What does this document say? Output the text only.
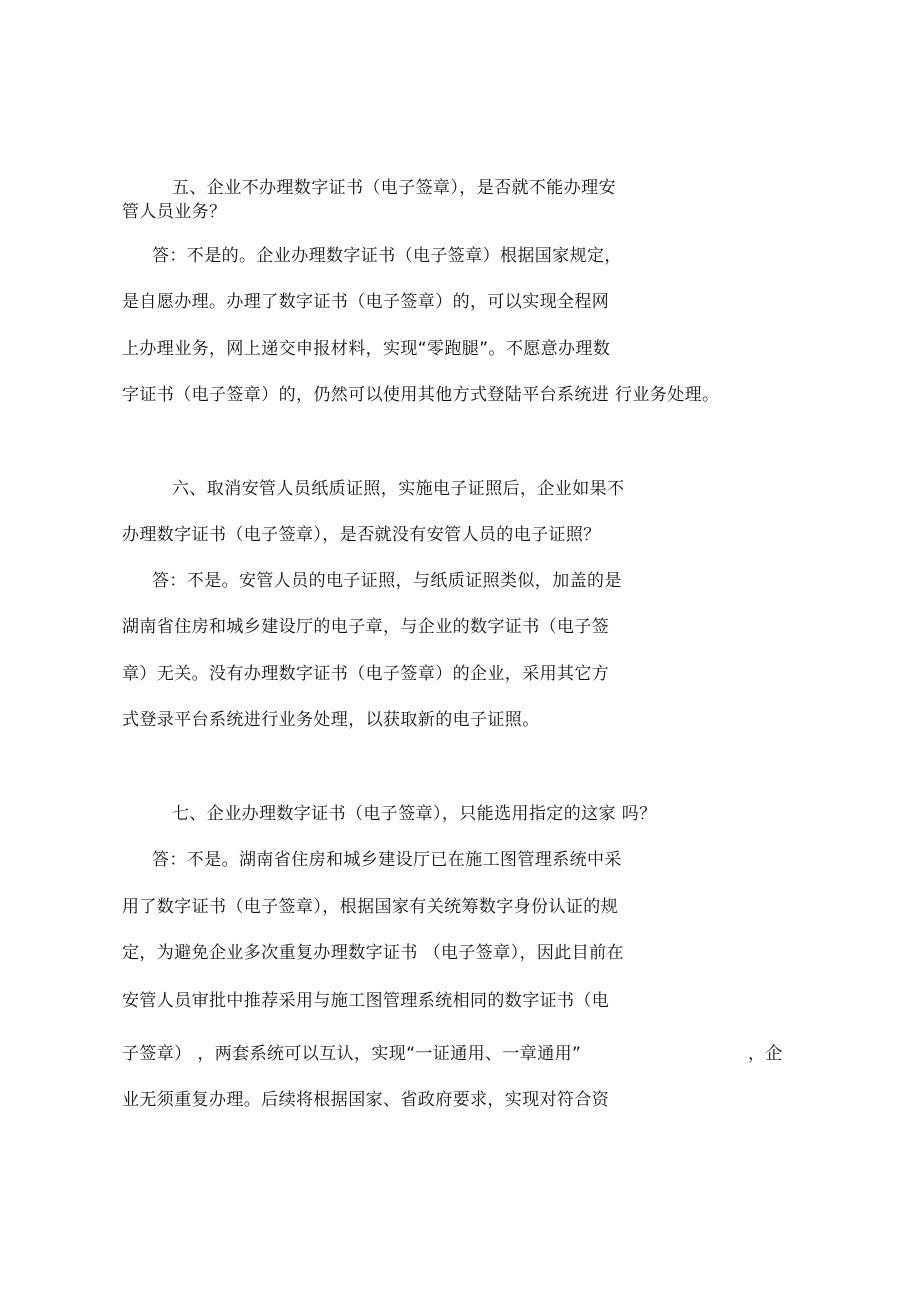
五、企业不办理数字证书（电子签章），是否就不能办理安
管人员业务？
答：不是的。企业办理数字证书（电子签章）根据国家规定，
是自愿办理。办理了数字证书（电子签章）的，可以实现全程网
上办理业务，网上递交申报材料，实现“零跑腿”。不愿意办理数
字证书（电子签章）的，仍然可以使用其他方式登陆平台系统进 行业务处理。
六、取消安管人员纸质证照，实施电子证照后，企业如果不
办理数字证书（电子签章），是否就没有安管人员的电子证照？
答：不是。安管人员的电子证照，与纸质证照类似，加盖的是
湖南省住房和城乡建设厅的电子章，与企业的数字证书（电子签
章）无关。没有办理数字证书（电子签章）的企业，采用其它方
式登录平台系统进行业务处理，以获取新的电子证照。
七、企业办理数字证书（电子签章），只能选用指定的这家 吗？
答：不是。湖南省住房和城乡建设厅已在施工图管理系统中采
用了数字证书（电子签章），根据国家有关统筹数字身份认证的规
定，为避免企业多次重复办理数字证书 （电子签章），因此目前在
安管人员审批中推荐采用与施工图管理系统相同的数字证书（电
子签章） ，两套系统可以互认，实现“一证通用、一章通用”	，企
业无须重复办理。后续将根据国家、省政府要求，实现对符合资
